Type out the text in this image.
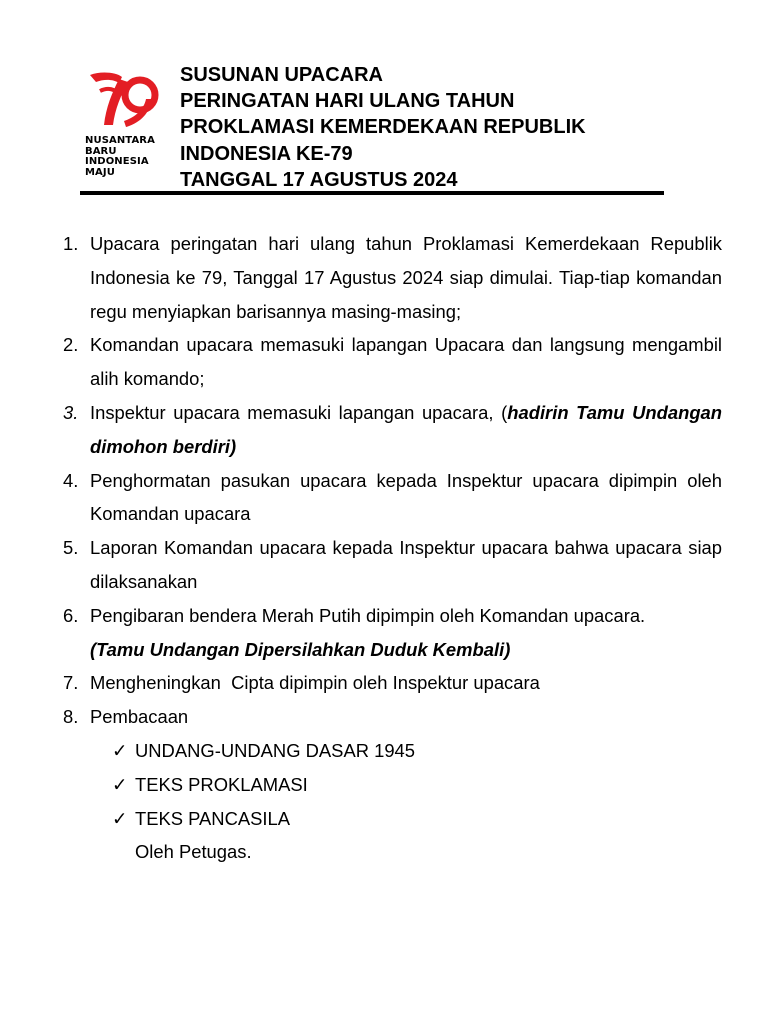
NUSANTARA
BARU
INDONESIA
MAJU
SUSUNAN UPACARA
PERINGATAN HARI ULANG TAHUN
PROKLAMASI KEMERDEKAAN REPUBLIK
INDONESIA KE-79
TANGGAL 17 AGUSTUS 2024
1. Upacara peringatan hari ulang tahun Proklamasi Kemerdekaan Republik Indonesia ke 79, Tanggal 17 Agustus 2024 siap dimulai. Tiap-tiap komandan regu menyiapkan barisannya masing-masing;
2. Komandan upacara memasuki lapangan Upacara dan langsung mengambil alih komando;
3. Inspektur upacara memasuki lapangan upacara, (hadirin Tamu Undangan dimohon berdiri)
4. Penghormatan pasukan upacara kepada Inspektur upacara dipimpin oleh Komandan upacara
5. Laporan Komandan upacara kepada Inspektur upacara bahwa upacara siap dilaksanakan
6. Pengibaran bendera Merah Putih dipimpin oleh Komandan upacara.
(Tamu Undangan Dipersilahkan Duduk Kembali)
7. Mengheningkan  Cipta dipimpin oleh Inspektur upacara
8. Pembacaan
✓ UNDANG-UNDANG DASAR 1945
✓ TEKS PROKLAMASI
✓ TEKS PANCASILA
Oleh Petugas.
